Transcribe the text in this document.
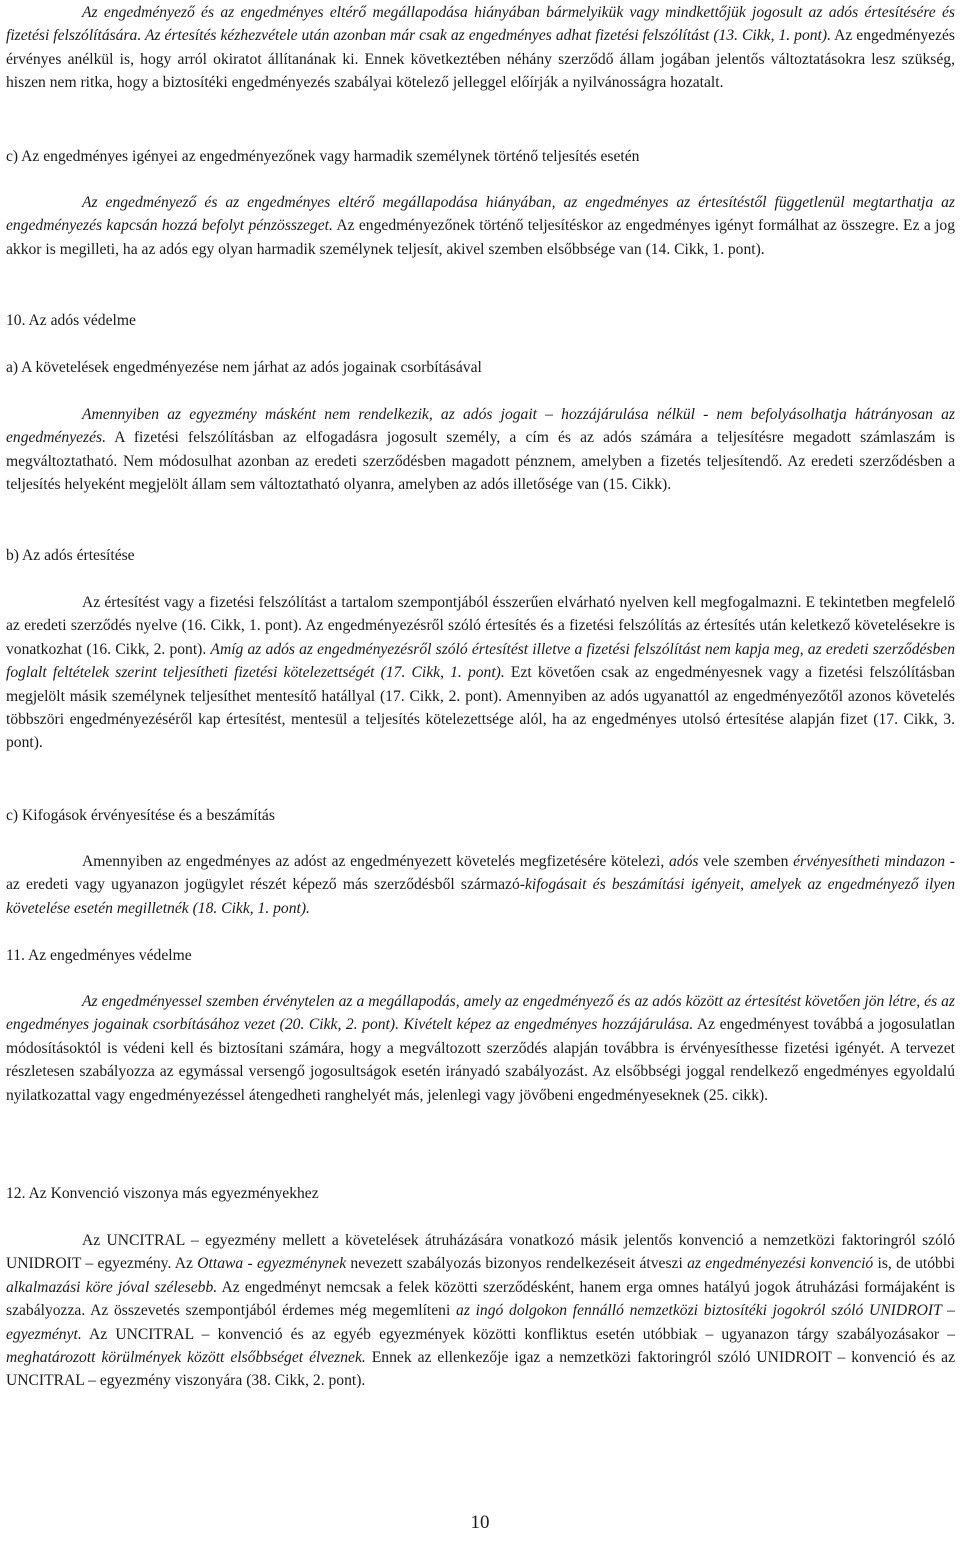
Az engedményező és az engedményes eltérő megállapodása hiányában bármelyikük vagy mindkettőjük jogosult az adós értesítésére és fizetési felszólítására. Az értesítés kézhezvétele után azonban már csak az engedményes adhat fizetési felszólítást (13. Cikk, 1. pont). Az engedményezés érvényes anélkül is, hogy arról okiratot állítanának ki. Ennek következtében néhány szerződő állam jogában jelentős változtatásokra lesz szükség, hiszen nem ritka, hogy a biztosítéki engedményezés szabályai kötelező jelleggel előírják a nyilvánosságra hozatalt.

c) Az engedményes igényei az engedményezőnek vagy harmadik személynek történő teljesítés esetén

Az engedményező és az engedményes eltérő megállapodása hiányában, az engedményes az értesítéstől függetlenül megtarthatja az engedményezés kapcsán hozzá befolyt pénzösszeget. Az engedményezőnek történő teljesítéskor az engedményes igényt formálhat az összegre. Ez a jog akkor is megilleti, ha az adós egy olyan harmadik személynek teljesít, akivel szemben elsőbbsége van (14. Cikk, 1. pont).

10. Az adós védelme

a) A követelések engedményezése nem járhat az adós jogainak csorbításával

Amennyiben az egyezmény másként nem rendelkezik, az adós jogait – hozzájárulása nélkül - nem befolyásolhatja hátrányosan az engedményezés. A fizetési felszólításban az elfogadásra jogosult személy, a cím és az adós számára a teljesítésre megadott számlaszám is megváltoztatható. Nem módosulhat azonban az eredeti szerződésben magadott pénznem, amelyben a fizetés teljesítendő. Az eredeti szerződésben a teljesítés helyeként megjelölt állam sem változtatható olyanra, amelyben az adós illetősége van (15. Cikk).

b) Az adós értesítése

Az értesítést vagy a fizetési felszólítást a tartalom szempontjából ésszerűen elvárható nyelven kell megfogalmazni. E tekintetben megfelelő az eredeti szerződés nyelve (16. Cikk, 1. pont). Az engedményezésről szóló értesítés és a fizetési felszólítás az értesítés után keletkező követelésekre is vonatkozhat (16. Cikk, 2. pont). Amíg az adós az engedményezésről szóló értesítést illetve a fizetési felszólítást nem kapja meg, az eredeti szerződésben foglalt feltételek szerint teljesítheti fizetési kötelezettségét (17. Cikk, 1. pont). Ezt követően csak az engedményesnek vagy a fizetési felszólításban megjelölt másik személynek teljesíthet mentesítő hatállyal (17. Cikk, 2. pont). Amennyiben az adós ugyanattól az engedményezőtől azonos követelés többszöri engedményezéséről kap értesítést, mentesül a teljesítés kötelezettsége alól, ha az engedményes utolsó értesítése alapján fizet (17. Cikk, 3. pont).

c) Kifogások érvényesítése és a beszámítás

Amennyiben az engedményes az adóst az engedményezett követelés megfizetésére kötelezi, adós vele szemben érvényesítheti mindazon - az eredeti vagy ugyanazon jogügylet részét képező más szerződésből származó-kifogásait és beszámítási igényeit, amelyek az engedményező ilyen követelése esetén megilletnék (18. Cikk, 1. pont).

11. Az engedményes védelme

Az engedményessel szemben érvénytelen az a megállapodás, amely az engedményező és az adós között az értesítést követően jön létre, és az engedményes jogainak csorbításához vezet (20. Cikk, 2. pont). Kivételt képez az engedményes hozzájárulása. Az engedményest továbbá a jogosulatlan módosításoktól is védeni kell és biztosítani számára, hogy a megváltozott szerződés alapján továbbra is érvényesíthesse fizetési igényét. A tervezet részletesen szabályozza az egymással versengő jogosultságok esetén irányadó szabályozást. Az elsőbbségi joggal rendelkező engedményes egyoldalú nyilatkozattal vagy engedményezéssel átengedheti ranghelyét más, jelenlegi vagy jövőbeni engedményeseknek (25. cikk).

12. Az Konvenció viszonya más egyezményekhez

Az UNCITRAL – egyezmény mellett a követelések átruházására vonatkozó másik jelentős konvenció a nemzetközi faktoringról szóló UNIDROIT – egyezmény. Az Ottawa - egyezménynek nevezett szabályozás bizonyos rendelkezéseit átveszi az engedményezési konvenció is, de utóbbi alkalmazási köre jóval szélesebb. Az engedményt nemcsak a felek közötti szerződésként, hanem erga omnes hatályú jogok átruházási formájaként is szabályozza. Az összevetés szempontjából érdemes még megemlíteni az ingó dolgokon fennálló nemzetközi biztosítéki jogokról szóló UNIDROIT – egyezményt. Az UNCITRAL – konvenció és az egyéb egyezmények közötti konfliktus esetén utóbbiak – ugyanazon tárgy szabályozásakor – meghatározott körülmények között elsőbbséget élveznek. Ennek az ellenkezője igaz a nemzetközi faktoringról szóló UNIDROIT – konvenció és az UNCITRAL – egyezmény viszonyára (38. Cikk, 2. pont).

10
